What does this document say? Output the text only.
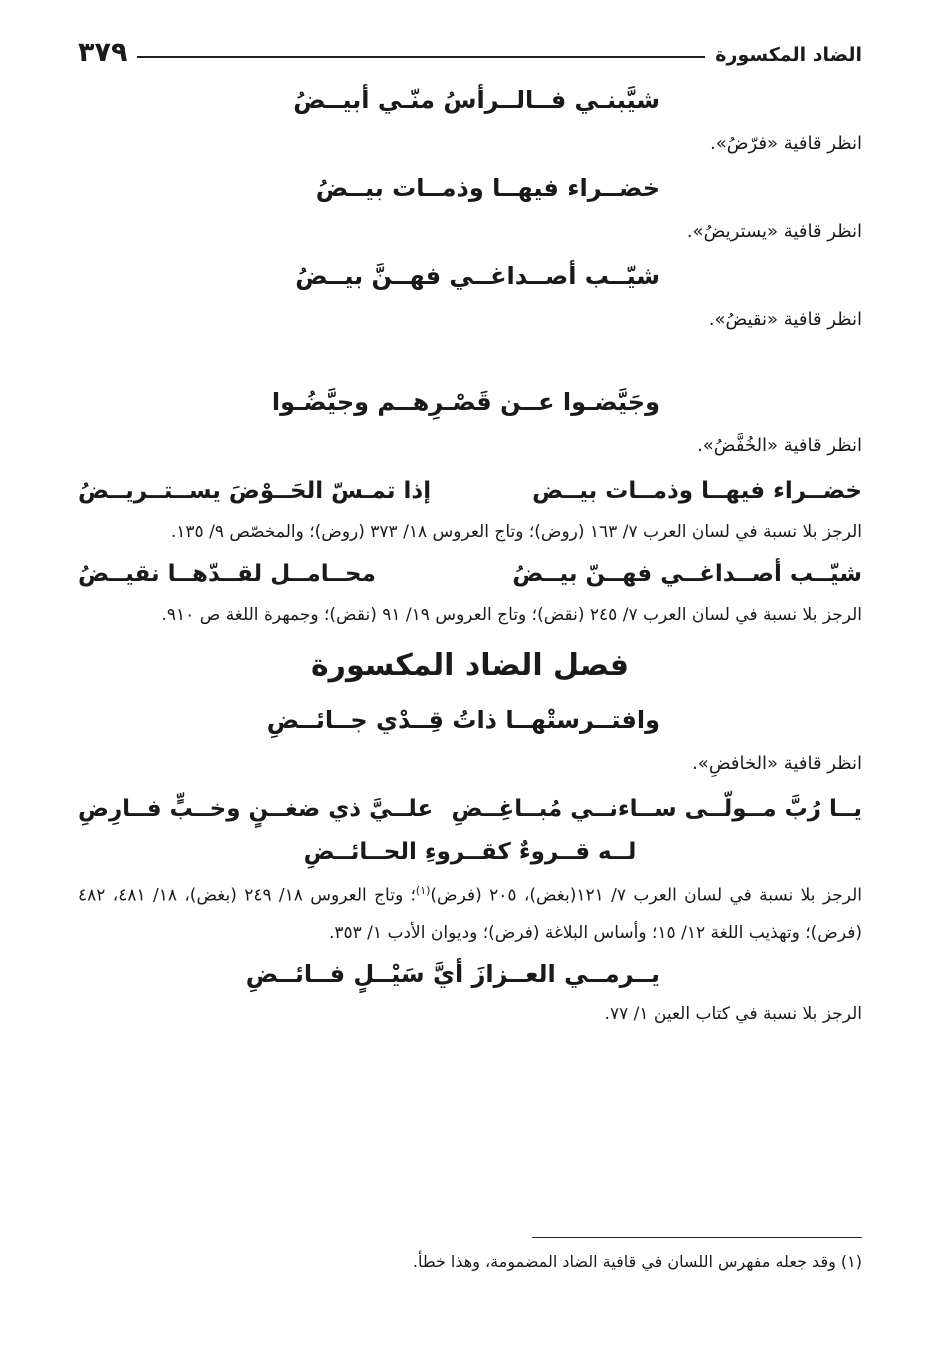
الضاد المكسورة
٣٧٩
شيَّبنـي فــالــرأسُ منّـي أبيــضُ
انظر قافية «فرّضُ».
خضــراء فيهــا وذمــات بيــضُ
انظر قافية «يستريضُ».
شيّــب أصــداغــي فهــنَّ بيــضُ
انظر قافية «نقيضُ».
وجَيَّضـوا عــن قَصْـرِهــم وجيَّضُـوا
انظر قافية «الخُفَّضُ».
خضــراء فيهــا وذمــات بيــض
إذا تمـسّ الحَــوْضَ يســتــريــضُ
الرجز بلا نسبة في لسان العرب ٧/ ١٦٣ (روض)؛ وتاج العروس ١٨/ ٣٧٣ (روض)؛ والمخصّص ٩/ ١٣٥.
شيّــب أصــداغــي فهــنّ بيــضُ
محــامــل لقــدّهــا نقيــضُ
الرجز بلا نسبة في لسان العرب ٧/ ٢٤٥ (نقض)؛ وتاج العروس ١٩/ ٩١ (نقض)؛ وجمهرة اللغة ص ٩١٠.
فصل الضاد المكسورة
وافتــرستْهــا ذاتُ قِــدْي جــائــضِ
انظر قافية «الخافضِ».
يــا رُبَّ مــولّــى ســاءنــي مُبــاغِــضِ
علــيَّ ذي ضغــنٍ وخــبٍّ فــارِضِ
لــه قــروءٌ كقــروءِ الحــائــضِ
الرجز بلا نسبة في لسان العرب ٧/ ١٢١(بغض)، ٢٠٥ (فرض)$^{(١)}$؛ وتاج العروس ١٨/ ٢٤٩ (بغض)، ١٨/ ٤٨١، ٤٨٢ (فرض)؛ وتهذيب اللغة ١٢/ ١٥؛ وأساس البلاغة (فرض)؛ وديوان الأدب ١/ ٣٥٣.
يــرمــي العــزازَ أيَّ سَيْــلٍ فــائــضِ
الرجز بلا نسبة في كتاب العين ١/ ٧٧.
(١) وقد جعله مفهرس اللسان في قافية الضاد المضمومة، وهذا خطأ.
